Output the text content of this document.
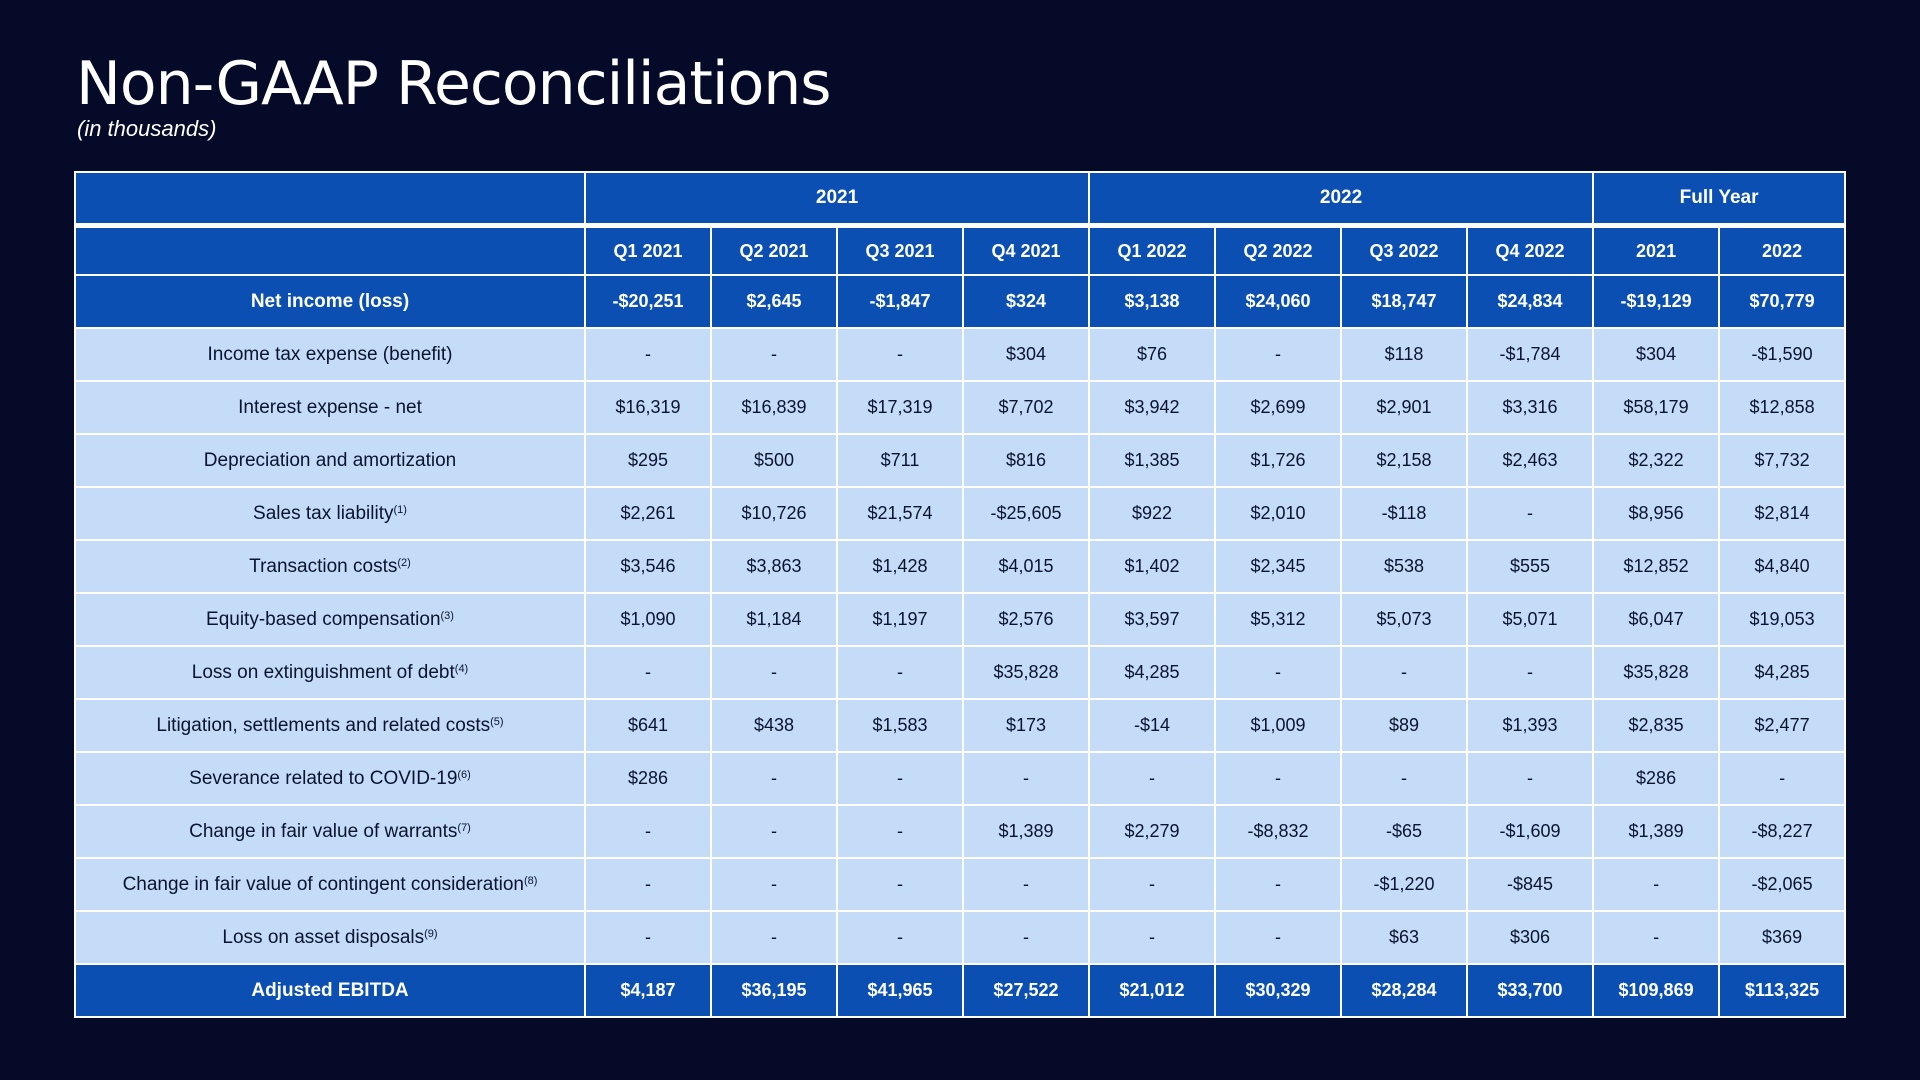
Non-GAAP Reconciliations
(in thousands)
	2021				2022				Full Year	
	Q1 2021	Q2 2021	Q3 2021	Q4 2021	Q1 2022	Q2 2022	Q3 2022	Q4 2022	2021	2022
Net income (loss)	-$20,251	$2,645	-$1,847	$324	$3,138	$24,060	$18,747	$24,834	-$19,129	$70,779
Income tax expense (benefit)	-	-	-	$304	$76	-	$118	-$1,784	$304	-$1,590
Interest expense - net	$16,319	$16,839	$17,319	$7,702	$3,942	$2,699	$2,901	$3,316	$58,179	$12,858
Depreciation and amortization	$295	$500	$711	$816	$1,385	$1,726	$2,158	$2,463	$2,322	$7,732
Sales tax liability$^{(1)}$	$2,261	$10,726	$21,574	-$25,605	$922	$2,010	-$118	-	$8,956	$2,814
Transaction costs$^{(2)}$	$3,546	$3,863	$1,428	$4,015	$1,402	$2,345	$538	$555	$12,852	$4,840
Equity-based compensation$^{(3)}$	$1,090	$1,184	$1,197	$2,576	$3,597	$5,312	$5,073	$5,071	$6,047	$19,053
Loss on extinguishment of debt$^{(4)}$	-	-	-	$35,828	$4,285	-	-	-	$35,828	$4,285
Litigation, settlements and related costs$^{(5)}$	$641	$438	$1,583	$173	-$14	$1,009	$89	$1,393	$2,835	$2,477
Severance related to COVID-19$^{(6)}$	$286	-	-	-	-	-	-	-	$286	-
Change in fair value of warrants$^{(7)}$	-	-	-	$1,389	$2,279	-$8,832	-$65	-$1,609	$1,389	-$8,227
Change in fair value of contingent consideration$^{(8)}$	-	-	-	-	-	-	-$1,220	-$845	-	-$2,065
Loss on asset disposals$^{(9)}$	-	-	-	-	-	-	$63	$306	-	$369
Adjusted EBITDA	$4,187	$36,195	$41,965	$27,522	$21,012	$30,329	$28,284	$33,700	$109,869	$113,325
